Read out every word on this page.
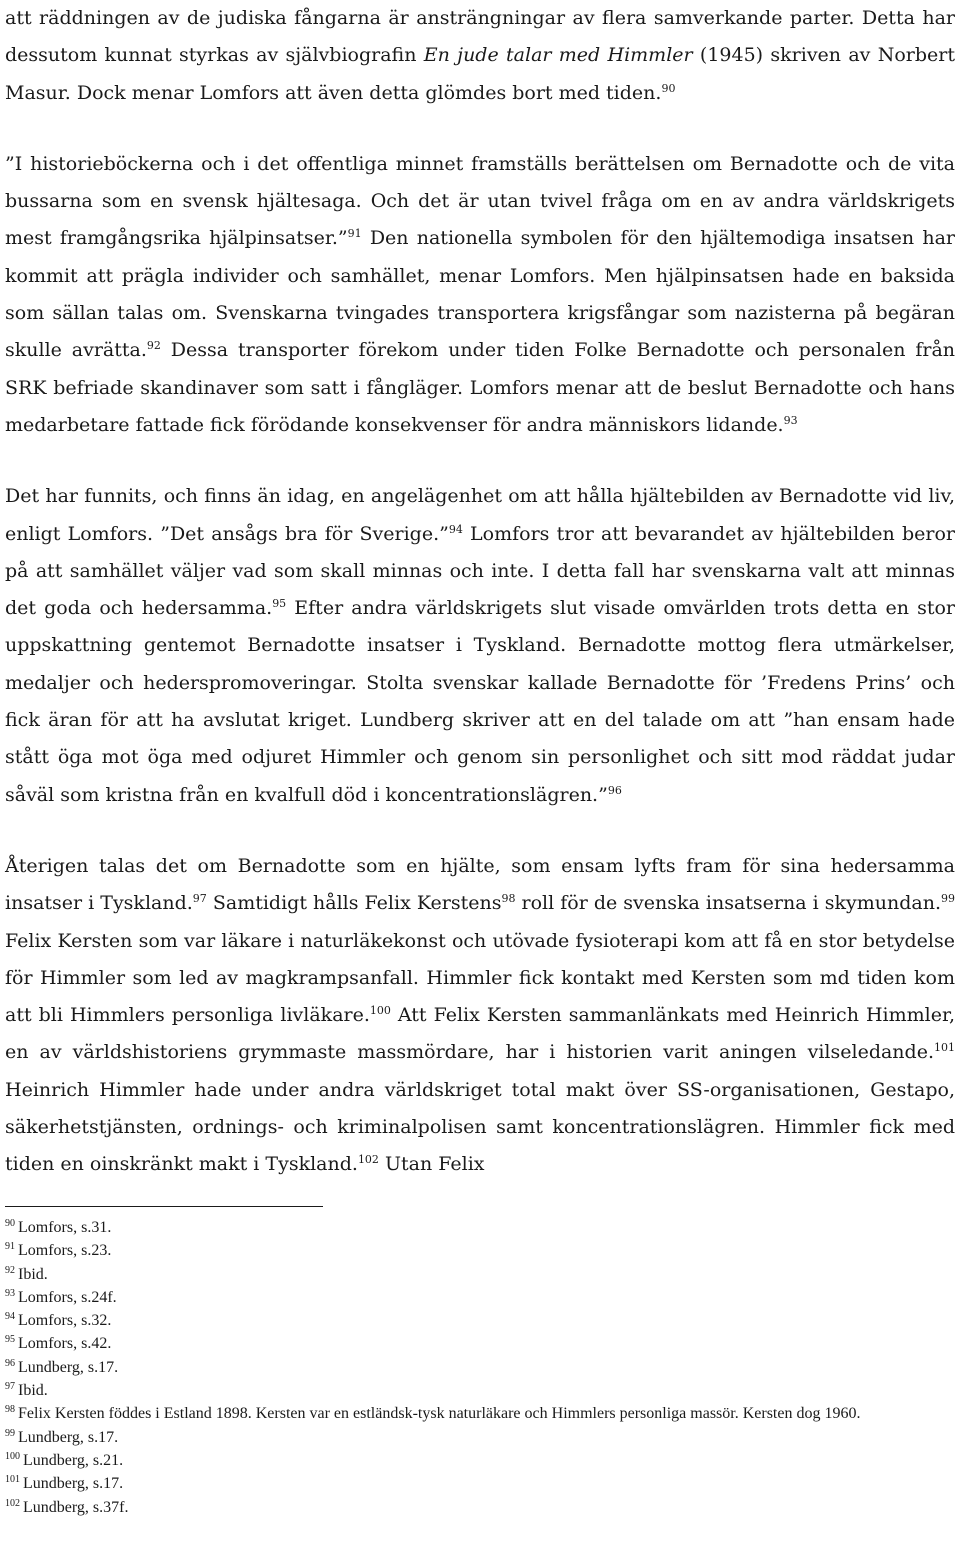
att räddningen av de judiska fångarna är ansträngningar av flera samverkande parter. Detta har dessutom kunnat styrkas av självbiografin En jude talar med Himmler (1945) skriven av Norbert Masur. Dock menar Lomfors att även detta glömdes bort med tiden.$^{90}$

”I historieböckerna och i det offentliga minnet framställs berättelsen om Bernadotte och de vita bussarna som en svensk hjältesaga. Och det är utan tvivel fråga om en av andra världskrigets mest framgångsrika hjälpinsatser.”$^{91}$ Den nationella symbolen för den hjältemodiga insatsen har kommit att prägla individer och samhället, menar Lomfors. Men hjälpinsatsen hade en baksida som sällan talas om. Svenskarna tvingades transportera krigsfångar som nazisterna på begäran skulle avrätta.$^{92}$ Dessa transporter förekom under tiden Folke Bernadotte och personalen från SRK befriade skandinaver som satt i fångläger. Lomfors menar att de beslut Bernadotte och hans medarbetare fattade fick förödande konsekvenser för andra människors lidande.$^{93}$

Det har funnits, och finns än idag, en angelägenhet om att hålla hjältebilden av Bernadotte vid liv, enligt Lomfors. ”Det ansågs bra för Sverige.”$^{94}$ Lomfors tror att bevarandet av hjältebilden beror på att samhället väljer vad som skall minnas och inte. I detta fall har svenskarna valt att minnas det goda och hedersamma.$^{95}$ Efter andra världskrigets slut visade omvärlden trots detta en stor uppskattning gentemot Bernadotte insatser i Tyskland. Bernadotte mottog flera utmärkelser, medaljer och hederspromoveringar. Stolta svenskar kallade Bernadotte för ’Fredens Prins’ och fick äran för att ha avslutat kriget. Lundberg skriver att en del talade om att ”han ensam hade stått öga mot öga med odjuret Himmler och genom sin personlighet och sitt mod räddat judar såväl som kristna från en kvalfull död i koncentrationslägren.”$^{96}$

Återigen talas det om Bernadotte som en hjälte, som ensam lyfts fram för sina hedersamma insatser i Tyskland.$^{97}$ Samtidigt hålls Felix Kerstens$^{98}$ roll för de svenska insatserna i skymundan.$^{99}$ Felix Kersten som var läkare i naturläkekonst och utövade fysioterapi kom att få en stor betydelse för Himmler som led av magkrampsanfall. Himmler fick kontakt med Kersten som md tiden kom att bli Himmlers personliga livläkare.$^{100}$ Att Felix Kersten sammanlänkats med Heinrich Himmler, en av världshistoriens grymmaste massmördare, har i historien varit aningen vilseledande.$^{101}$ Heinrich Himmler hade under andra världskriget total makt över SS-organisationen, Gestapo, säkerhetstjänsten, ordnings- och kriminalpolisen samt koncentrationslägren. Himmler fick med tiden en oinskränkt makt i Tyskland.$^{102}$ Utan Felix

$^{90}$ Lomfors, s.31.

$^{91}$ Lomfors, s.23.

$^{92}$ Ibid.

$^{93}$ Lomfors, s.24f.

$^{94}$ Lomfors, s.32.

$^{95}$ Lomfors, s.42.

$^{96}$ Lundberg, s.17.

$^{97}$ Ibid.

$^{98}$ Felix Kersten föddes i Estland 1898. Kersten var en estländsk-tysk naturläkare och Himmlers personliga massör. Kersten dog 1960.

$^{99}$ Lundberg, s.17.

$^{100}$ Lundberg, s.21.

$^{101}$ Lundberg, s.17.

$^{102}$ Lundberg, s.37f.
